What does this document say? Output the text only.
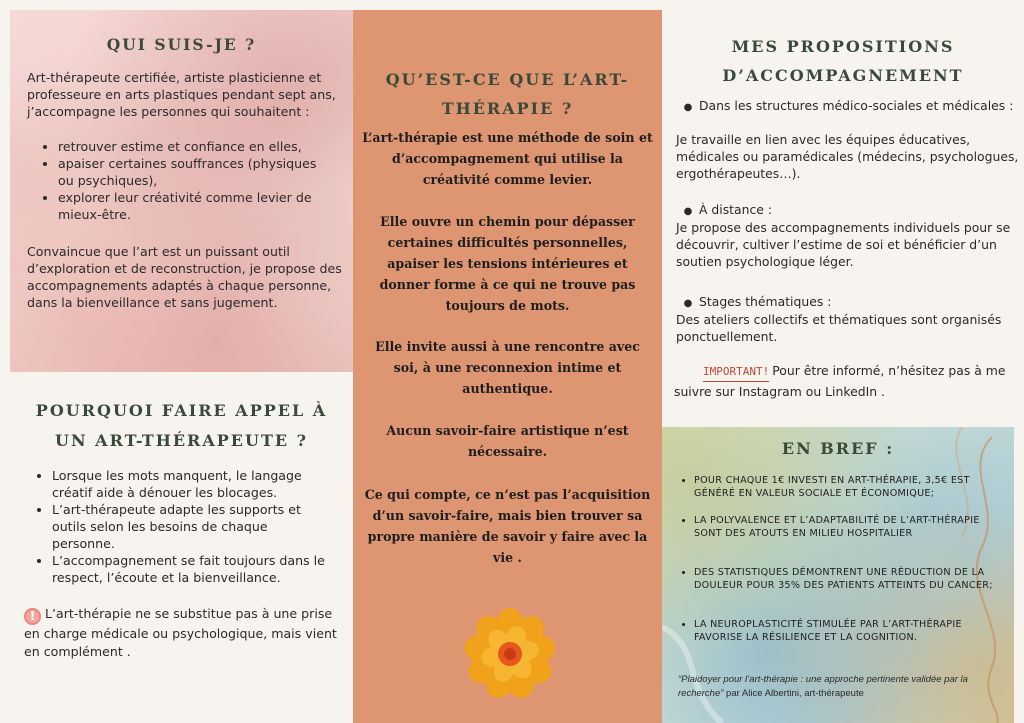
QUI SUIS-JE ?

Art-thérapeute certifiée, artiste plasticienne et professeure en arts plastiques pendant sept ans, j’accompagne les personnes qui souhaitent :

• retrouver estime et confiance en elles,
• apaiser certaines souffrances (physiques ou psychiques),
• explorer leur créativité comme levier de mieux-être.

Convaincue que l’art est un puissant outil d’exploration et de reconstruction, je propose des accompagnements adaptés à chaque personne, dans la bienveillance et sans jugement.

POURQUOI FAIRE APPEL À UN ART-THÉRAPEUTE ?
• Lorsque les mots manquent, le langage créatif aide à dénouer les blocages.
• L’art-thérapeute adapte les supports et outils selon les besoins de chaque personne.
• L’accompagnement se fait toujours dans le respect, l’écoute et la bienveillance.

! L’art-thérapie ne se substitue pas à une prise en charge médicale ou psychologique, mais vient en complément .

QU’EST-CE QUE L’ART-THÉRAPIE ?

L’art-thérapie est une méthode de soin et d’accompagnement qui utilise la créativité comme levier.

Elle ouvre un chemin pour dépasser certaines difficultés personnelles, apaiser les tensions intérieures et donner forme à ce qui ne trouve pas toujours de mots.

Elle invite aussi à une rencontre avec soi, à une reconnexion intime et authentique.

Aucun savoir-faire artistique n’est nécessaire.

Ce qui compte, ce n’est pas l’acquisition d’un savoir-faire, mais bien trouver sa propre manière de savoir y faire avec la vie .

MES PROPOSITIONS D’ACCOMPAGNEMENT

● Dans les structures médico-sociales et médicales :

Je travaille en lien avec les équipes éducatives, médicales ou paramédicales (médecins, psychologues, ergothérapeutes…).

● À distance :

Je propose des accompagnements individuels pour se découvrir, cultiver l’estime de soi et bénéficier d’un soutien psychologique léger.

● Stages thématiques :

Des ateliers collectifs et thématiques sont organisés ponctuellement.

IMPORTANT! Pour être informé, n’hésitez pas à me suivre sur Instagram ou LinkedIn .

EN BREF :
• POUR CHAQUE 1€ INVESTI EN ART-THÉRAPIE, 3,5€ EST GÉNÉRÉ EN VALEUR SOCIALE ET ÉCONOMIQUE;
• LA POLYVALENCE ET L’ADAPTABILITÉ DE L’ART-THÉRAPIE SONT DES ATOUTS EN MILIEU HOSPITALIER
• DES STATISTIQUES DÉMONTRENT UNE RÉDUCTION DE LA DOULEUR POUR 35% DES PATIENTS ATTEINTS DU CANCER;
• LA NEUROPLASTICITÉ STIMULÉE PAR L’ART-THÉRAPIE FAVORISE LA RÉSILIENCE ET LA COGNITION.

“Plaidoyer pour l’art-thérapie : une approche pertinente validée par la recherche” par Alice Albertini, art-thérapeute
